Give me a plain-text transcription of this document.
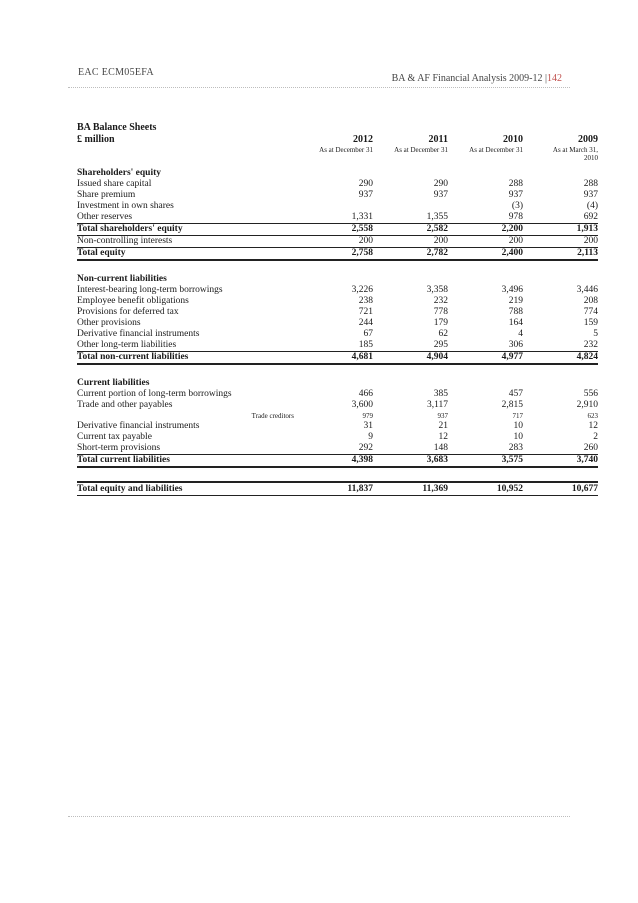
EAC ECM05EFA
BA & AF Financial Analysis 2009-12 |142
BA Balance Sheets				
£ million	2012	2011	2010	2009
	As at December 31	As at December 31	As at December 31	As at March 31,
				2010

Shareholders' equity				
Issued share capital	290	290	288	288
Share premium	937	937	937	937
Investment in own shares			(3)	(4)
Other reserves	1,331	1,355	978	692
Total shareholders' equity	2,558	2,582	2,200	1,913
Non-controlling interests	200	200	200	200
Total equity	2,758	2,782	2,400	2,113

Non-current liabilities				
Interest-bearing long-term borrowings	3,226	3,358	3,496	3,446
Employee benefit obligations	238	232	219	208
Provisions for deferred tax	721	778	788	774
Other provisions	244	179	164	159
Derivative financial instruments	67	62	4	5
Other long-term liabilities	185	295	306	232
Total non-current liabilities	4,681	4,904	4,977	4,824

Current liabilities				
Current portion of long-term borrowings	466	385	457	556
Trade and other payables	3,600	3,117	2,815	2,910
Trade creditors	979	937	717	623
Derivative financial instruments	31	21	10	12
Current tax payable	9	12	10	2
Short-term provisions	292	148	283	260
Total current liabilities	4,398	3,683	3,575	3,740

Total equity and liabilities	11,837	11,369	10,952	10,677
